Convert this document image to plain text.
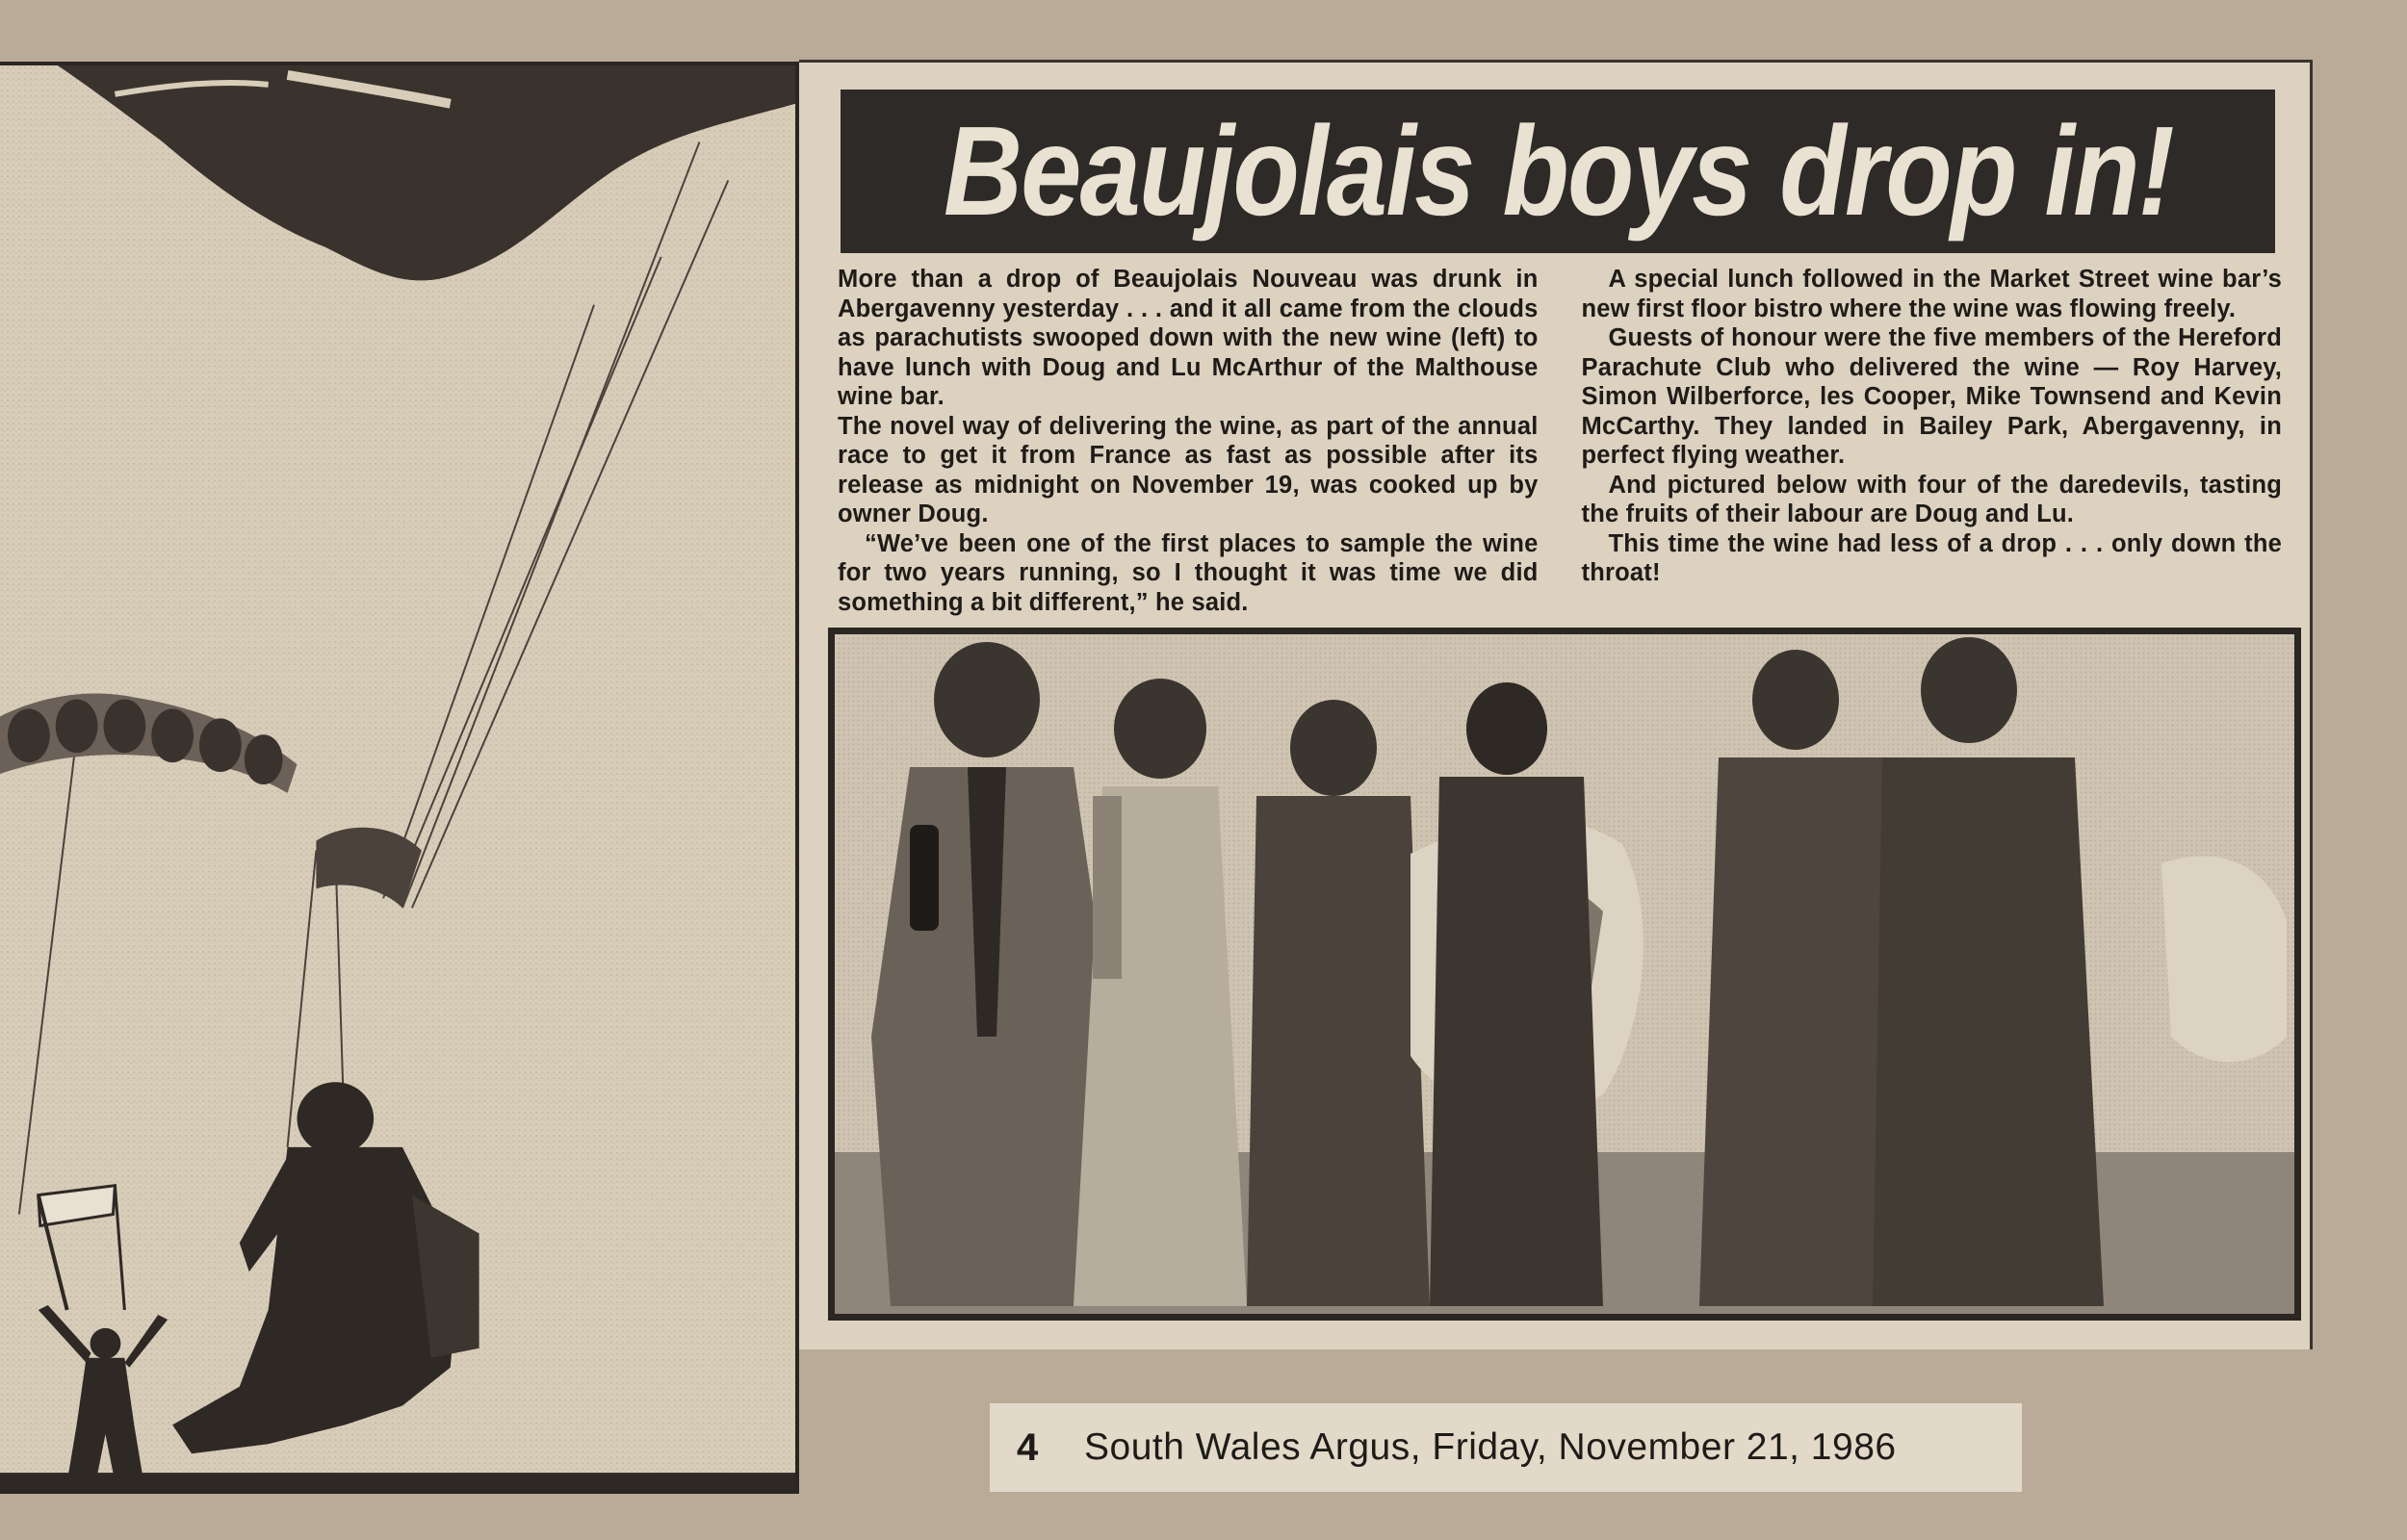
Beaujolais boys drop in!

More than a drop of Beaujolais Nouveau was drunk in Abergavenny yesterday . . . and it all came from the clouds as parachutists swooped down with the new wine (left) to have lunch with Doug and Lu McArthur of the Malthouse wine bar.

The novel way of delivering the wine, as part of the annual race to get it from France as fast as possible after its release as midnight on November 19, was cooked up by owner Doug.

“We’ve been one of the first places to sample the wine for two years running, so I thought it was time we did something a bit different,” he said.

A special lunch followed in the Market Street wine bar’s new first floor bistro where the wine was flowing freely.

Guests of honour were the five members of the Hereford Parachute Club who delivered the wine — Roy Harvey, Simon Wilberforce, les Cooper, Mike Townsend and Kevin McCarthy. They landed in Bailey Park, Abergavenny, in perfect flying weather.

And pictured below with four of the daredevils, tasting the fruits of their labour are Doug and Lu.

This time the wine had less of a drop . . . only down the throat!

4	South Wales Argus, Friday, November 21, 1986
